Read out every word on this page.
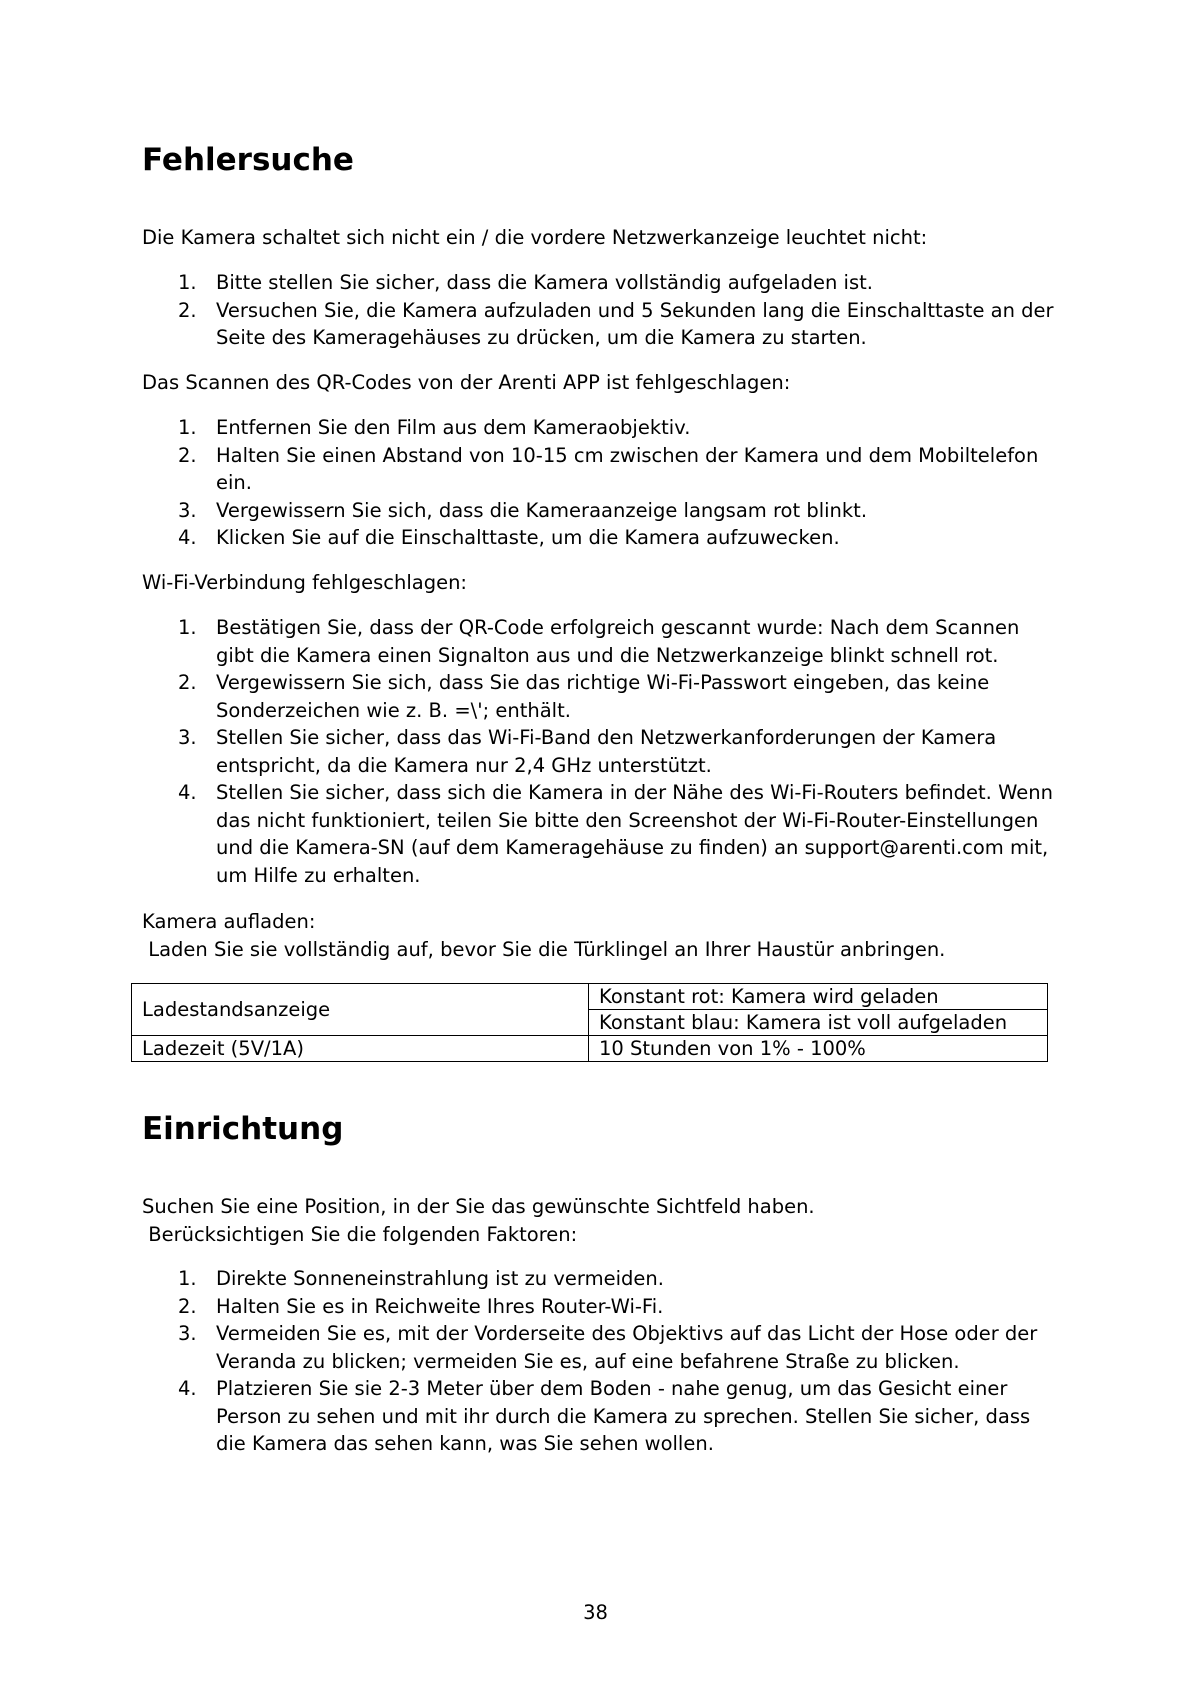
Fehlersuche

Die Kamera schaltet sich nicht ein / die vordere Netzwerkanzeige leuchtet nicht:

1. Bitte stellen Sie sicher, dass die Kamera vollständig aufgeladen ist.
2. Versuchen Sie, die Kamera aufzuladen und 5 Sekunden lang die Einschalttaste an der Seite des Kameragehäuses zu drücken, um die Kamera zu starten.

Das Scannen des QR-Codes von der Arenti APP ist fehlgeschlagen:

1. Entfernen Sie den Film aus dem Kameraobjektiv.
2. Halten Sie einen Abstand von 10-15 cm zwischen der Kamera und dem Mobiltelefon ein.
3. Vergewissern Sie sich, dass die Kameraanzeige langsam rot blinkt.
4. Klicken Sie auf die Einschalttaste, um die Kamera aufzuwecken.

Wi-Fi-Verbindung fehlgeschlagen:

1. Bestätigen Sie, dass der QR-Code erfolgreich gescannt wurde: Nach dem Scannen gibt die Kamera einen Signalton aus und die Netzwerkanzeige blinkt schnell rot.
2. Vergewissern Sie sich, dass Sie das richtige Wi-Fi-Passwort eingeben, das keine Sonderzeichen wie z. B. =\'; enthält.
3. Stellen Sie sicher, dass das Wi-Fi-Band den Netzwerkanforderungen der Kamera entspricht, da die Kamera nur 2,4 GHz unterstützt.
4. Stellen Sie sicher, dass sich die Kamera in der Nähe des Wi-Fi-Routers befindet. Wenn das nicht funktioniert, teilen Sie bitte den Screenshot der Wi-Fi-Router-Einstellungen und die Kamera-SN (auf dem Kameragehäuse zu finden) an support@arenti.com mit, um Hilfe zu erhalten.

Kamera aufladen:

Laden Sie sie vollständig auf, bevor Sie die Türklingel an Ihrer Haustür anbringen.

Ladestandsanzeige	Konstant rot: Kamera wird geladen
	Konstant blau: Kamera ist voll aufgeladen
Ladezeit (5V/1A)	10 Stunden von 1% - 100%
Einrichtung

Suchen Sie eine Position, in der Sie das gewünschte Sichtfeld haben.

Berücksichtigen Sie die folgenden Faktoren:

1. Direkte Sonneneinstrahlung ist zu vermeiden.
2. Halten Sie es in Reichweite Ihres Router-Wi-Fi.
3. Vermeiden Sie es, mit der Vorderseite des Objektivs auf das Licht der Hose oder der Veranda zu blicken; vermeiden Sie es, auf eine befahrene Straße zu blicken.
4. Platzieren Sie sie 2-3 Meter über dem Boden - nahe genug, um das Gesicht einer Person zu sehen und mit ihr durch die Kamera zu sprechen. Stellen Sie sicher, dass die Kamera das sehen kann, was Sie sehen wollen.
38
